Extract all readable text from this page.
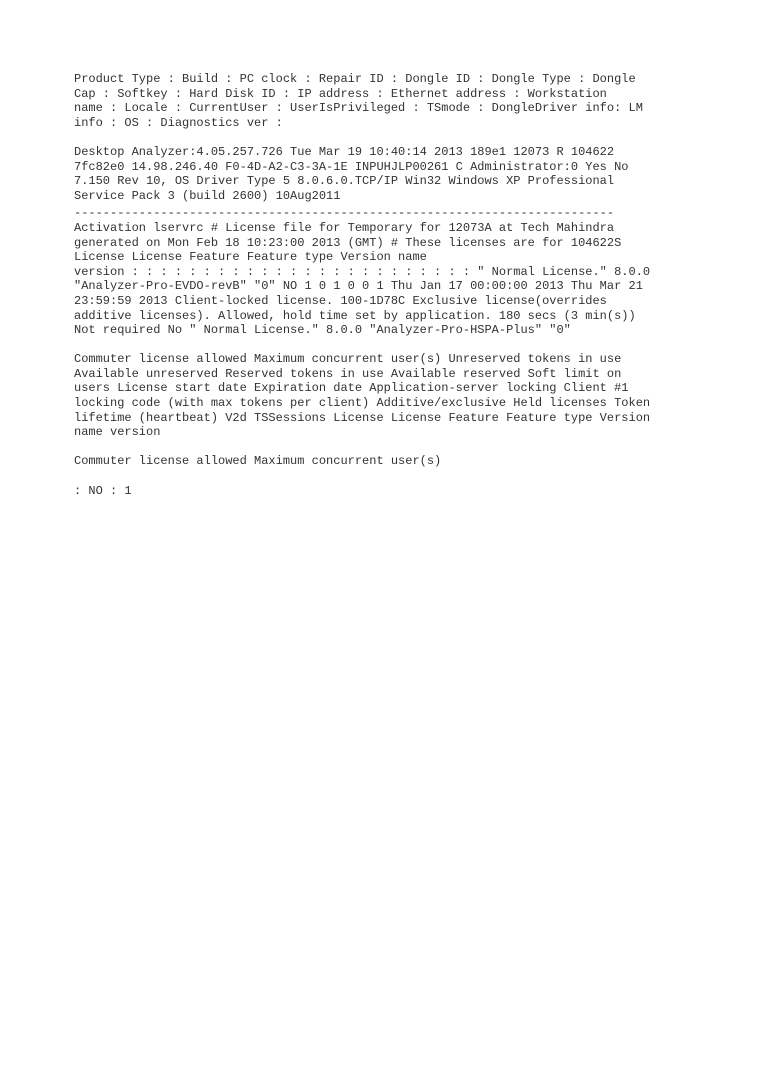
Product Type : Build : PC clock : Repair ID : Dongle ID : Dongle Type : Dongle
Cap : Softkey : Hard Disk ID : IP address : Ethernet address : Workstation
name : Locale : CurrentUser : UserIsPrivileged : TSmode : DongleDriver info: LM
info : OS : Diagnostics ver :

Desktop Analyzer:4.05.257.726 Tue Mar 19 10:40:14 2013 189e1 12073 R 104622
7fc82e0 14.98.246.40 F0-4D-A2-C3-3A-1E INPUHJLP00261 C Administrator:0 Yes No
7.150 Rev 10, OS Driver Type 5 8.0.6.0.TCP/IP Win32 Windows XP Professional
Service Pack 3 (build 2600) 10Aug2011

---------------------------------------------------------------------------

Activation lservrc # License file for Temporary for 12073A at Tech Mahindra
generated on Mon Feb 18 10:23:00 2013 (GMT) # These licenses are for 104622S
License License Feature Feature type Version name
version : : : : : : : : : : : : : : : : : : : : : : : : " Normal License." 8.0.0
"Analyzer-Pro-EVDO-revB" "0" NO 1 0 1 0 0 1 Thu Jan 17 00:00:00 2013 Thu Mar 21
23:59:59 2013 Client-locked license. 100-1D78C Exclusive license(overrides
additive licenses). Allowed, hold time set by application. 180 secs (3 min(s))
Not required No " Normal License." 8.0.0 "Analyzer-Pro-HSPA-Plus" "0"

Commuter license allowed Maximum concurrent user(s) Unreserved tokens in use
Available unreserved Reserved tokens in use Available reserved Soft limit on
users License start date Expiration date Application-server locking Client #1
locking code (with max tokens per client) Additive/exclusive Held licenses Token
lifetime (heartbeat) V2d TSSessions License License Feature Feature type Version
name version

Commuter license allowed Maximum concurrent user(s)

: NO : 1
